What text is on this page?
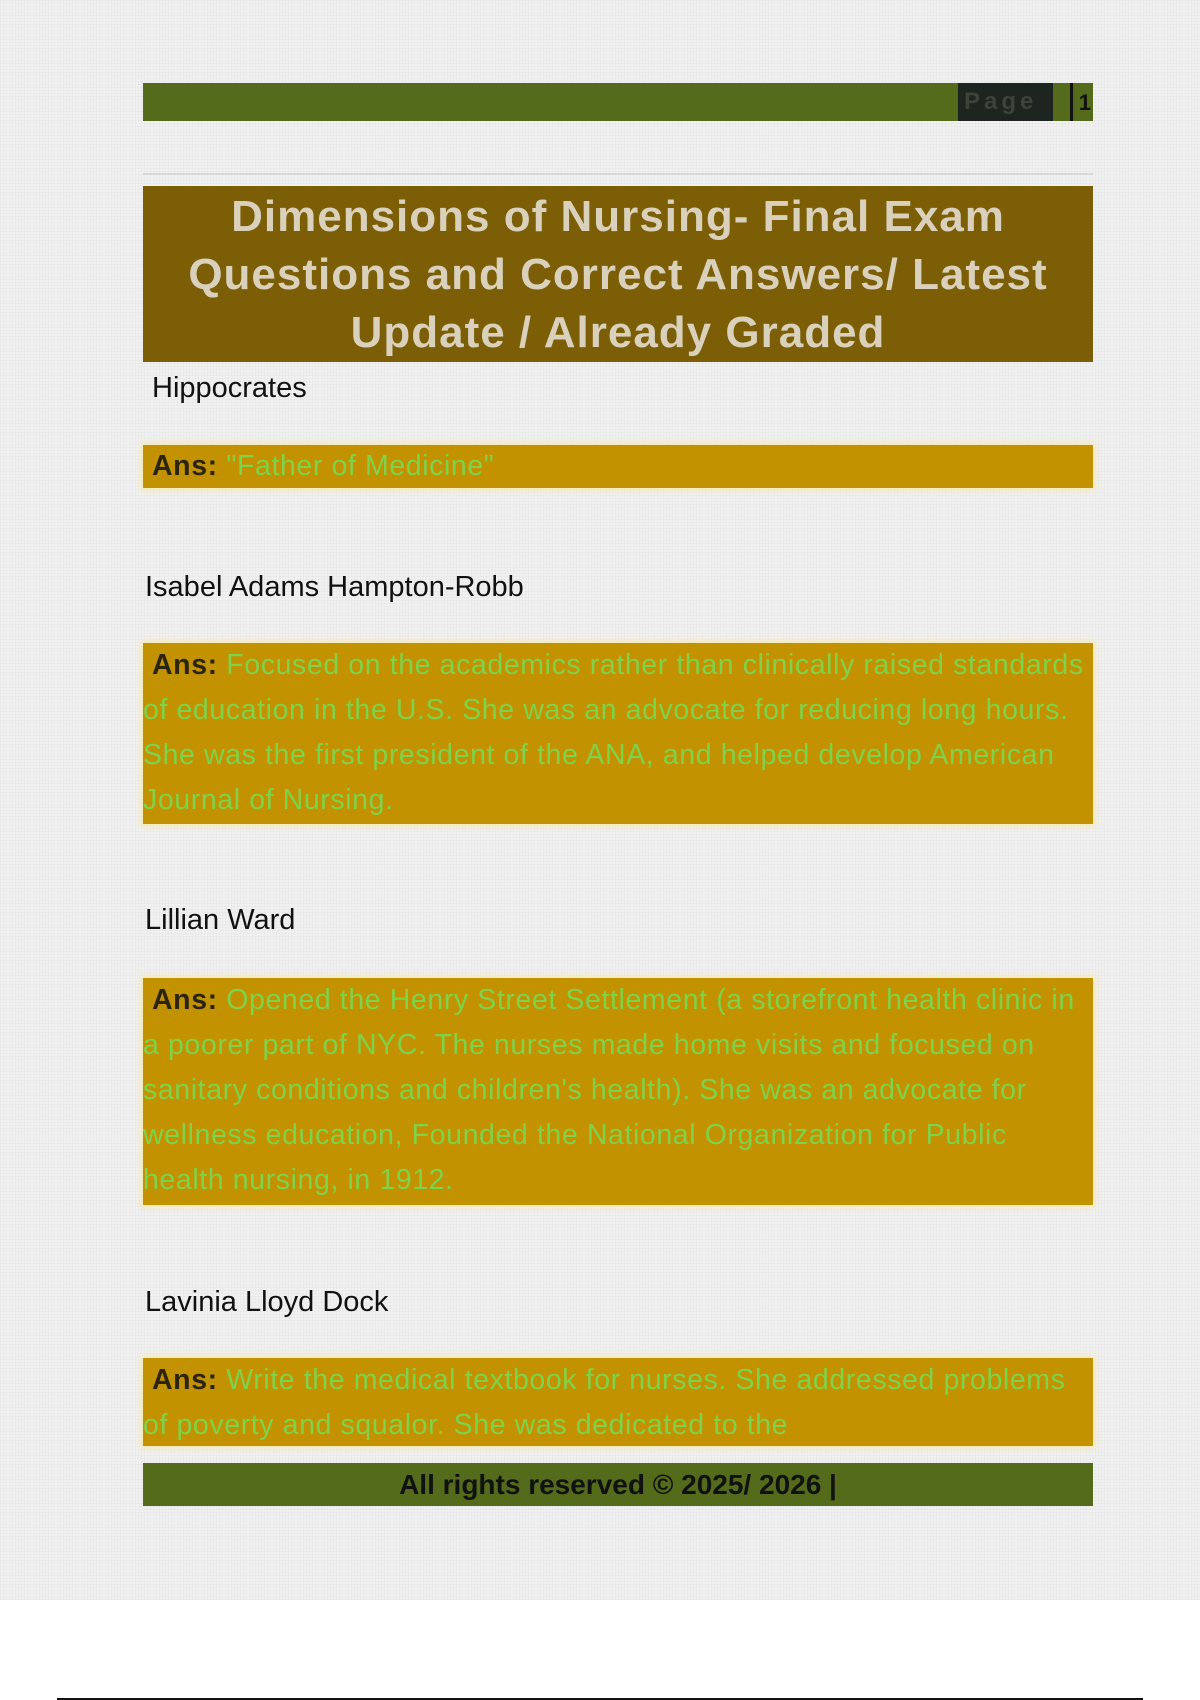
Page	1
Dimensions of Nursing- Final Exam Questions and Correct Answers/ Latest Update / Already Graded
Hippocrates
Ans: "Father of Medicine"
Isabel Adams Hampton-Robb
Ans: Focused on the academics rather than clinically raised standards of education in the U.S. She was an advocate for reducing long hours. She was the first president of the ANA, and helped develop American Journal of Nursing.
Lillian Ward
Ans: Opened the Henry Street Settlement (a storefront health clinic in a poorer part of NYC. The nurses made home visits and focused on sanitary conditions and children's health). She was an advocate for wellness education, Founded the National Organization for Public health nursing, in 1912.
Lavinia Lloyd Dock
Ans: Write the medical textbook for nurses. She addressed problems of poverty and squalor. She was dedicated to the
All rights reserved © 2025/ 2026 |
